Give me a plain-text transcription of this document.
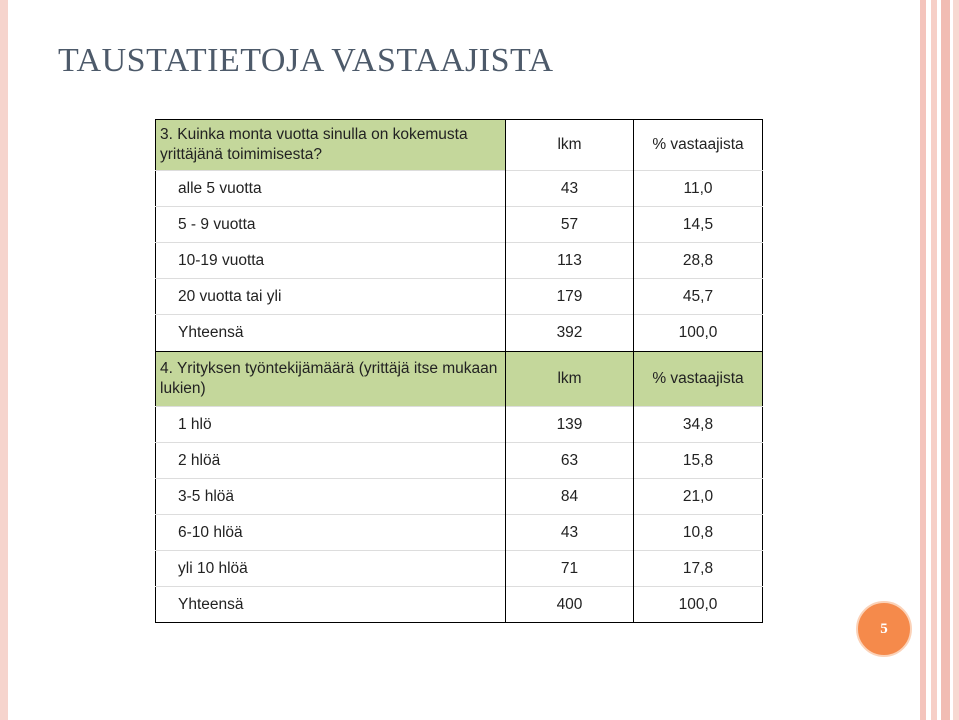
TAUSTATIETOJA VASTAAJISTA
3. Kuinka monta vuotta sinulla on kokemusta yrittäjänä toimimisesta?	lkm	% vastaajista
alle 5 vuotta	43	11,0
5 - 9 vuotta	57	14,5
10-19 vuotta	113	28,8
20 vuotta tai yli	179	45,7
Yhteensä	392	100,0
4. Yrityksen työntekijämäärä (yrittäjä itse mukaan lukien)	lkm	% vastaajista
1 hlö	139	34,8
2 hlöä	63	15,8
3-5 hlöä	84	21,0
6-10 hlöä	43	10,8
yli 10 hlöä	71	17,8
Yhteensä	400	100,0
5
